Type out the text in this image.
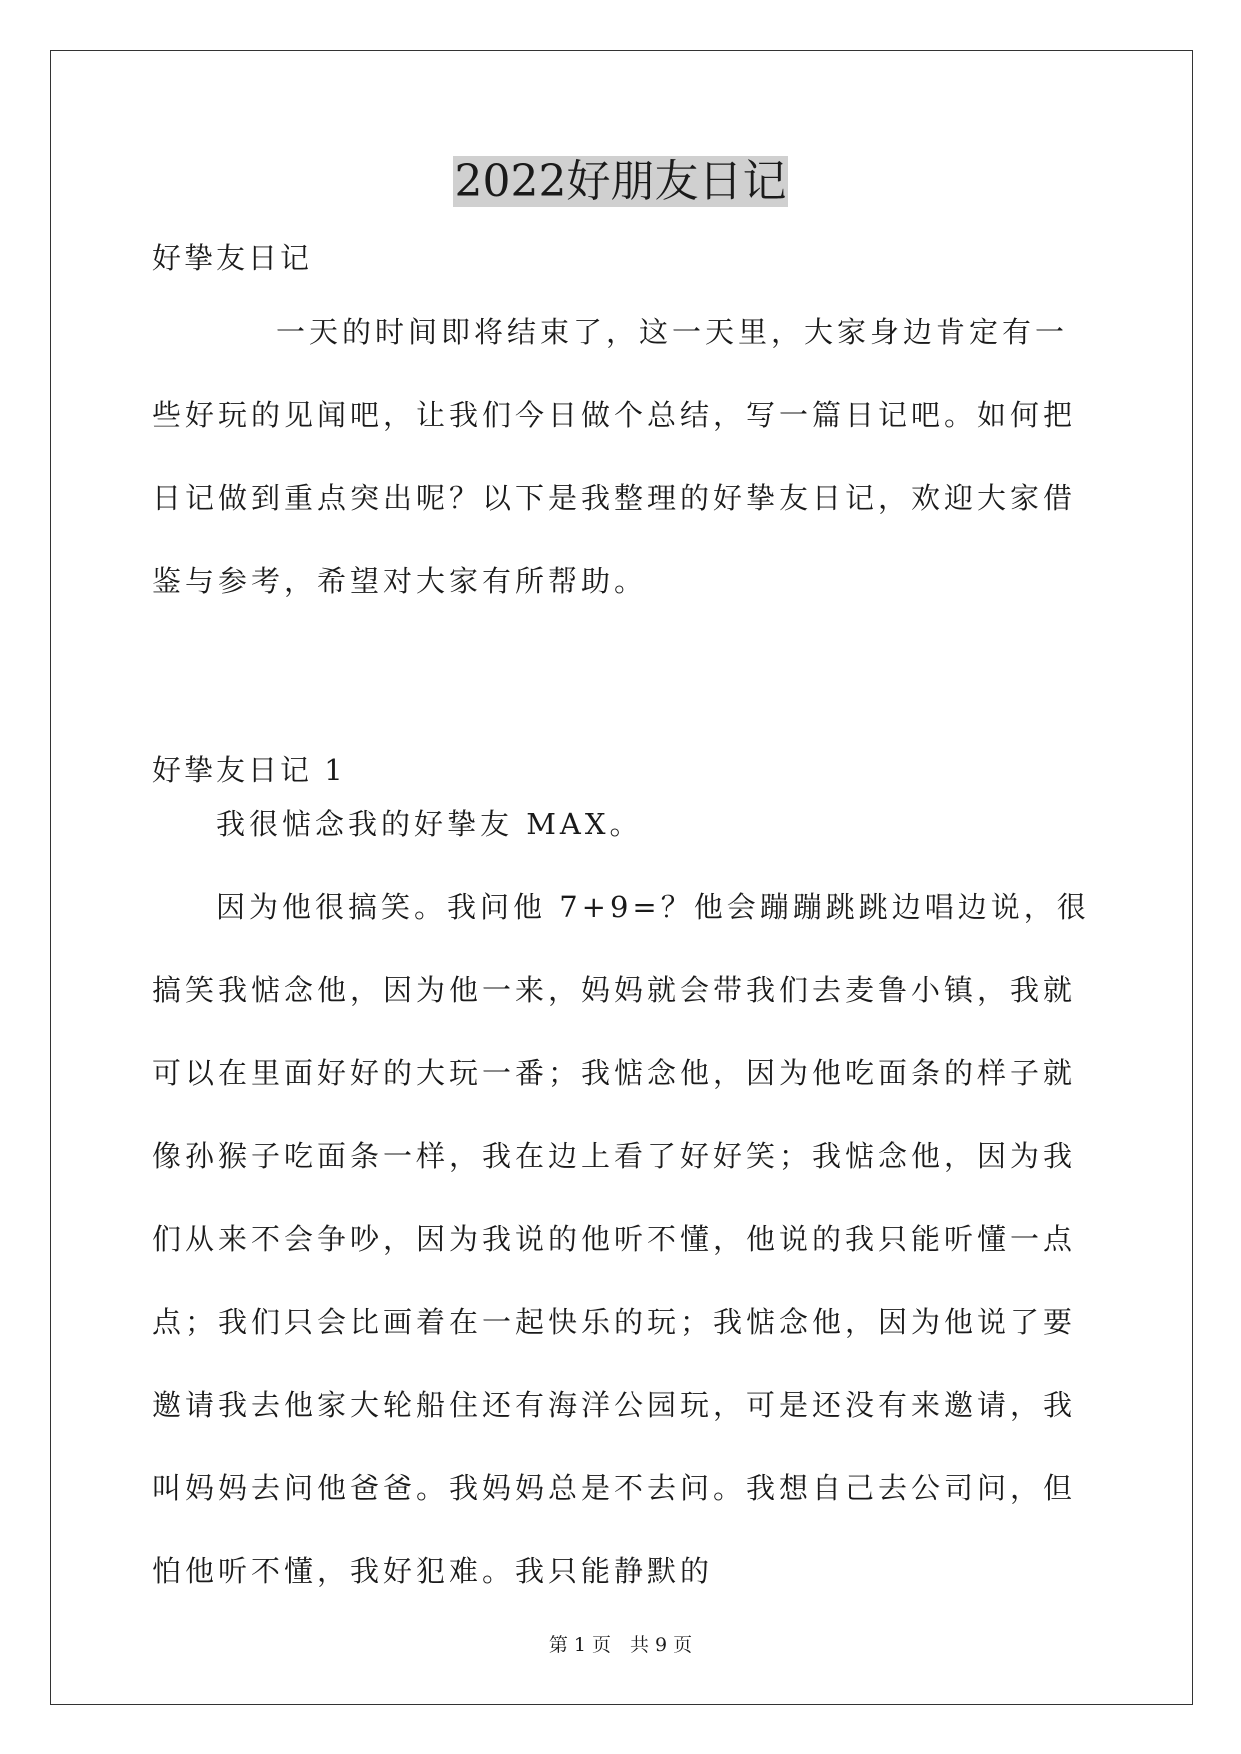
2022好朋友日记

好挚友日记

一天的时间即将结束了，这一天里，大家身边肯定有一些好玩的见闻吧，让我们今日做个总结，写一篇日记吧。如何把日记做到重点突出呢？以下是我整理的好挚友日记，欢迎大家借鉴与参考，希望对大家有所帮助。

好挚友日记 1

我很惦念我的好挚友 MAX。

因为他很搞笑。我问他 7+9=？他会蹦蹦跳跳边唱边说，很搞笑我惦念他，因为他一来，妈妈就会带我们去麦鲁小镇，我就可以在里面好好的大玩一番；我惦念他，因为他吃面条的样子就像孙猴子吃面条一样，我在边上看了好好笑；我惦念他，因为我们从来不会争吵，因为我说的他听不懂，他说的我只能听懂一点点；我们只会比画着在一起快乐的玩；我惦念他，因为他说了要邀请我去他家大轮船住还有海洋公园玩，可是还没有来邀请，我叫妈妈去问他爸爸。我妈妈总是不去问。我想自己去公司问，但怕他听不懂，我好犯难。我只能静默的

第 1 页　共 9 页
